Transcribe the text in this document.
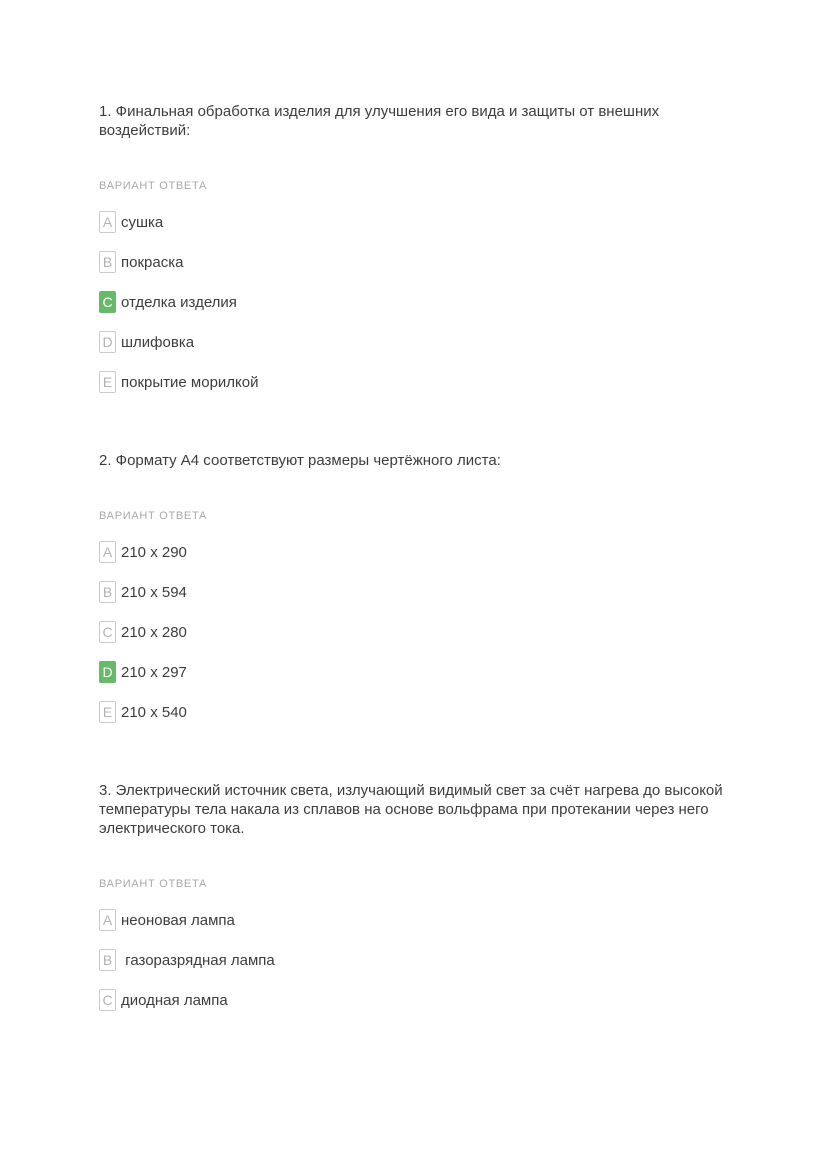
1. Финальная обработка изделия для улучшения его вида и защиты от внешних воздействий:

ВАРИАНТ ОТВЕТА
A сушка
B покраска
C отделка изделия
D шлифовка
E покрытие морилкой

2. Формату А4 соответствуют размеры чертёжного листа:

ВАРИАНТ ОТВЕТА
A 210 x 290
B 210 x 594
C 210 x 280
D 210 x 297
E 210 x 540

3. Электрический источник света, излучающий видимый свет за счёт нагрева до высокой температуры тела накала из сплавов на основе вольфрама при протекании через него электрического тока.

ВАРИАНТ ОТВЕТА
A неоновая лампа
B газоразрядная лампа
C диодная лампа
